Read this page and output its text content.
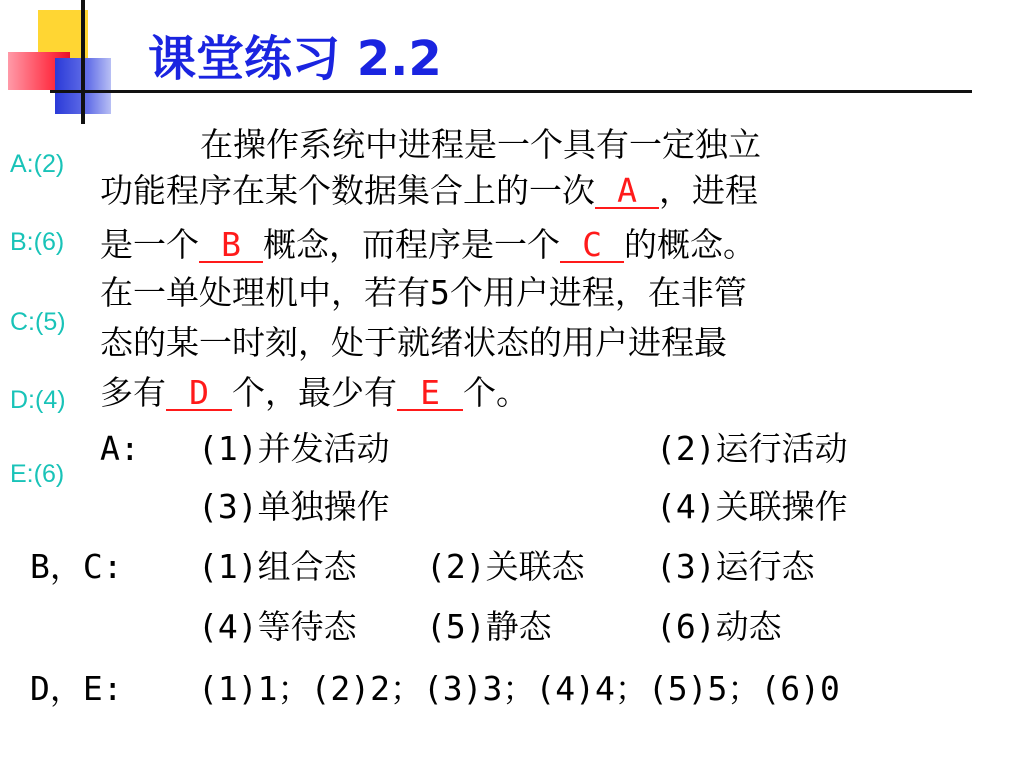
课堂练习 2.2
A:(2)
B:(6)
C:(5)
D:(4)
E:(6)
在操作系统中进程是一个具有一定独立
功能程序在某个数据集合上的一次 A ，进程
是一个 B 概念，而程序是一个 C 的概念。
在一单处理机中，若有5个用户进程，在非管
态的某一时刻，处于就绪状态的用户进程最
多有 D 个，最少有 E 个。
A: (1)并发活动	(2)运行活动
(3)单独操作	(4)关联操作
B，C: (1)组合态 (2)关联态 (3)运行态
(4)等待态 (5)静态	(6)动态
D，E: (1)1；(2)2；(3)3；(4)4；(5)5；(6)0
